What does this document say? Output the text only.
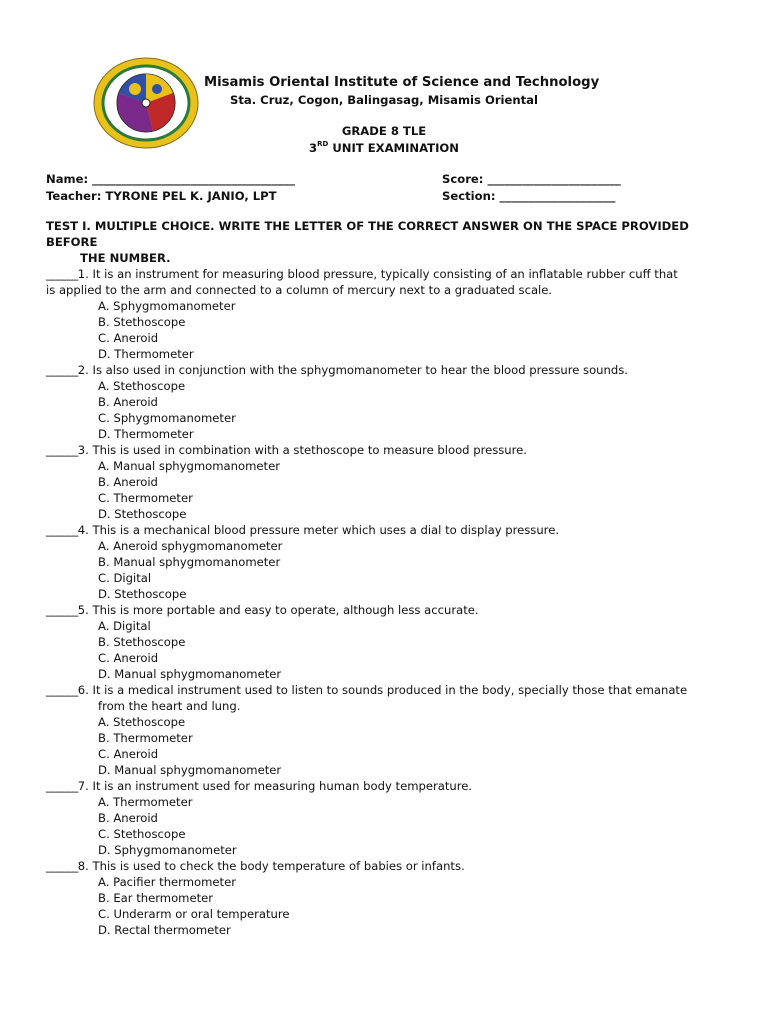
Misamis Oriental Institute of Science and Technology
Sta. Cruz, Cogon, Balingasag, Misamis Oriental
GRADE 8 TLE
3RD UNIT EXAMINATION
Name: ___________________________________
Teacher: TYRONE PEL K. JANIO, LPT
Score: _______________________
Section: ____________________
TEST I. MULTIPLE CHOICE. WRITE THE LETTER OF THE CORRECT ANSWER ON THE SPACE PROVIDED BEFORE
THE NUMBER.
______1. It is an instrument for measuring blood pressure, typically consisting of an inflatable rubber cuff that
is applied to the arm and connected to a column of mercury next to a graduated scale.
A. Sphygmomanometer
B. Stethoscope
C. Aneroid
D. Thermometer
______2. Is also used in conjunction with the sphygmomanometer to hear the blood pressure sounds.
A. Stethoscope
B. Aneroid
C. Sphygmomanometer
D. Thermometer
______3. This is used in combination with a stethoscope to measure blood pressure.
A. Manual sphygmomanometer
B. Aneroid
C. Thermometer
D. Stethoscope
______4. This is a mechanical blood pressure meter which uses a dial to display pressure.
A. Aneroid sphygmomanometer
B. Manual sphygmomanometer
C. Digital
D. Stethoscope
______5. This is more portable and easy to operate, although less accurate.
A. Digital
B. Stethoscope
C. Aneroid
D. Manual sphygmomanometer
______6. It is a medical instrument used to listen to sounds produced in the body, specially those that emanate
from the heart and lung.
A. Stethoscope
B. Thermometer
C. Aneroid
D. Manual sphygmomanometer
______7. It is an instrument used for measuring human body temperature.
A. Thermometer
B. Aneroid
C. Stethoscope
D. Sphygmomanometer
______8. This is used to check the body temperature of babies or infants.
A. Pacifier thermometer
B. Ear thermometer
C. Underarm or oral temperature
D. Rectal thermometer
